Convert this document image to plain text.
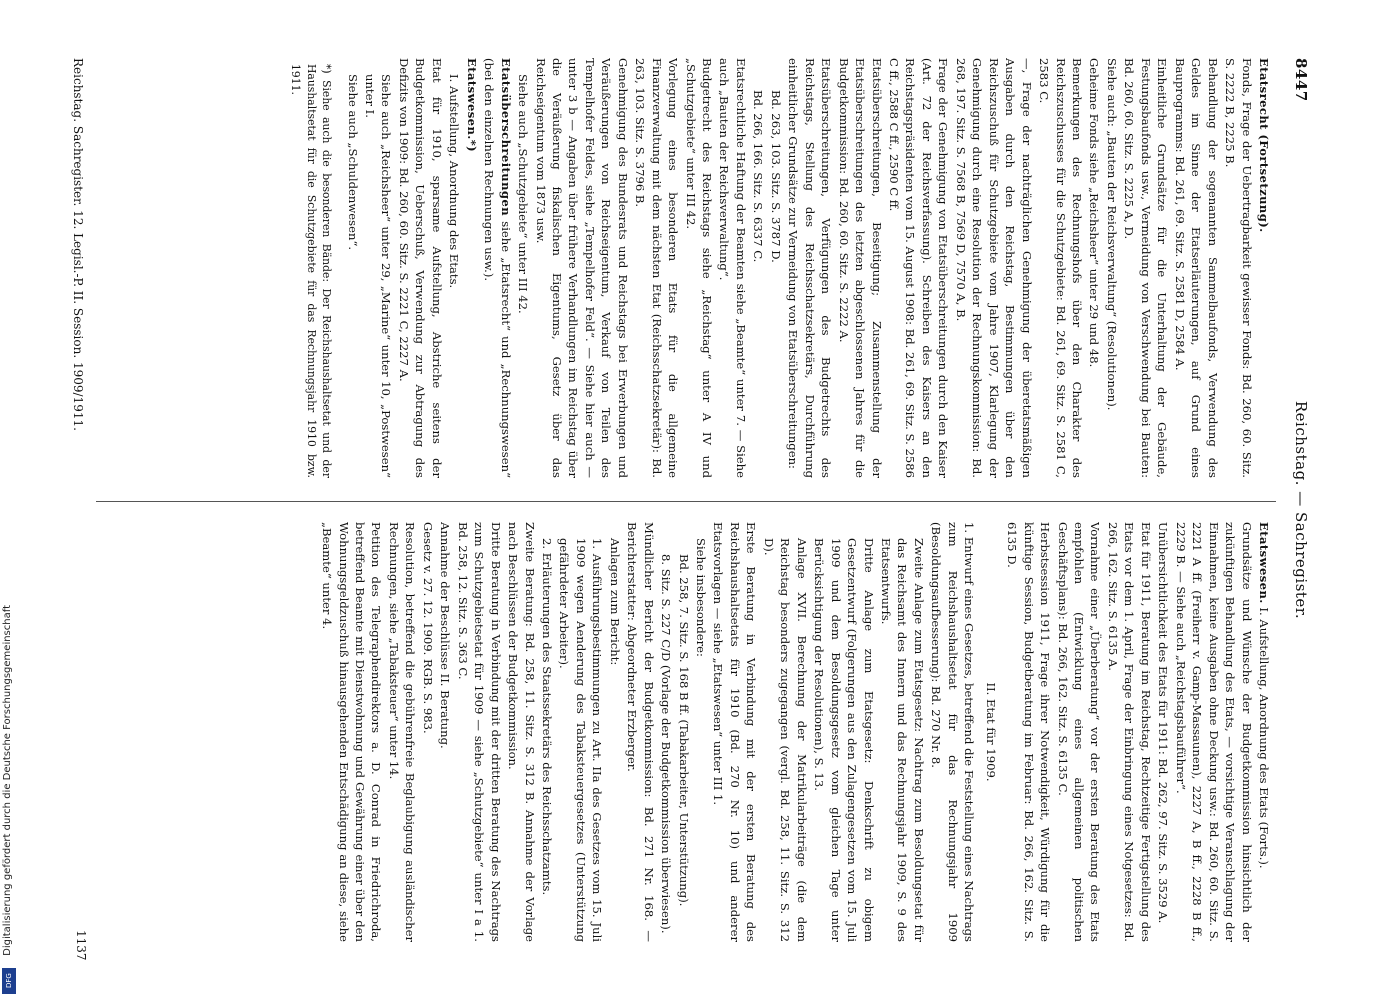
8447
Reichstag. — Sachregister.
Etatsrecht (Fortsetzung).
Fonds, Frage der Uebertragbarkeit gewisser Fonds: Bd. 260, 60. Sitz. S. 2222 B, 2225 B.
Behandlung der sogenannten Sammelbaufonds, Verwendung des Geldes im Sinne der Etatserläuterungen, auf Grund eines Bauprogramms: Bd. 261, 69. Sitz. S. 2581 D, 2584 A.
Einheitliche Grundsätze für die Unterhaltung der Gebäude, Festungsbaufonds usw., Vermeidung von Verschwendung bei Bauten: Bd. 260, 60. Sitz. S. 2225 A, D.
Siehe auch: „Bauten der Reichsverwaltung“ (Resolutionen).
Geheime Fonds siehe „Reichsheer“ unter 29 und 48.
Bemerkungen des Rechnungshofs über den Charakter des Reichszuschusses für die Schutzgebiete: Bd. 261, 69. Sitz. S. 2581 C, 2583 C.
—, Frage der nachträglichen Genehmigung der überetatsmäßigen Ausgaben durch den Reichstag, Bestimmungen über den Reichszuschuß für Schutzgebiete vom Jahre 1907, Klarlegung der Genehmigung durch eine Resolution der Rechnungskommission: Bd. 268, 197. Sitz. S. 7568 B, 7569 D, 7570 A, B.
Frage der Genehmigung von Etatsüberschreitungen durch den Kaiser (Art. 72 der Reichsverfassung). Schreiben des Kaisers an den Reichstagspräsidenten vom 15. August 1908: Bd. 261, 69. Sitz. S. 2586 C ff., 2588 C ff., 2590 C ff.
Etatsüberschreitungen, Beseitigung; Zusammenstellung der Etatsüberschreitungen des letzten abgeschlossenen Jahres für die Budgetkommission: Bd. 260, 60. Sitz. S. 2222 A.
Etatsüberschreitungen, Verfügungen des Budgetrechts des Reichstags, Stellung des Reichsschatzsekretärs, Durchführung einheitlicher Grundsätze zur Vermeidung von Etatsüberschreitungen:
Bd. 263, 103. Sitz. S. 3787 D.
Bd. 266, 166. Sitz. S. 6337 C.
Etatsrechtliche Haftung der Beamten siehe „Beamte“ unter 7. — Siehe auch „Bauten der Reichsverwaltung“.
Budgetrecht des Reichstags siehe „Reichstag“ unter A IV und „Schutzgebiete“ unter III 42.
Vorlegung eines besonderen Etats für die allgemeine Finanzverwaltung mit dem nächsten Etat (Reichsschatzsekretär): Bd. 263, 103. Sitz. S. 3796 B.
Genehmigung des Bundesrats und Reichstags bei Erwerbungen und Veräußerungen von Reichseigentum, Verkauf von Teilen des Tempelhofer Feldes, siehe „Tempelhofer Feld“. — Siehe hier auch — unter 3 b — Angaben über frühere Verhandlungen im Reichstag über die Veräußerung fiskalischen Eigentums, Gesetz über das Reichseigentum vom 1873 usw.
Siehe auch „Schutzgebiete“ unter III 42.
Etatsüberschreitungen siehe „Etatsrecht“ und „Rechnungswesen“ (bei den einzelnen Rechnungen usw.).
Etatswesen.*)
I. Aufstellung, Anordnung des Etats.
Etat für 1910, sparsame Aufstellung, Abstriche seitens der Budgetkommission, Ueberschuß, Verwendung zur Abtragung des Defizits von 1909: Bd. 260, 60. Sitz. S. 2221 C, 2227 A.
Siehe auch „Reichsheer“ unter 29, „Marine“ unter 10, „Postwesen“ unter I.
Siehe auch „Schuldenwesen“.
*) Siehe auch die besonderen Bände: Der Reichshaushaltsetat und der Haushaltsetat für die Schutzgebiete für das Rechnungsjahr 1910 bzw. 1911.
Etatswesen. I. Aufstellung, Anordnung des Etats (Forts.).
Grundsätze und Wünsche der Budgetkommission hinsichtlich der zukünftigen Behandlung des Etats, — vorsichtige Veranschlagung der Einnahmen, keine Ausgaben ohne Deckung usw.: Bd. 260, 60. Sitz. S. 2221 A ff. (Freiherr v. Gamp-Massaunen), 2227 A, B ff., 2228 B ff., 2229 B. — Siehe auch „Reichstagsbauführer“.
Unübersichtlichkeit des Etats für 1911: Bd. 262, 97. Sitz. S. 3529 A.
Etat für 1911, Beratung im Reichstag, Rechtzeitige Fertigstellung des Etats vor dem 1. April, Frage der Einbringung eines Notgesetzes: Bd. 266, 162. Sitz. S. 6135 A.
Vornahme einer „Überberatung“ vor der ersten Beratung des Etats empfohlen (Entwicklung eines allgemeinen politischen Geschäftsplans): Bd. 266, 162. Sitz. S. 6135 C.
Herbstsession 1911, Frage ihrer Notwendigkeit, Würdigung für die künftige Session, Budgetberatung im Februar: Bd. 266, 162. Sitz. S. 6135 D.
II. Etat für 1909.
1. Entwurf eines Gesetzes, betreffend die Feststellung eines Nachtrags zum Reichshaushaltsetat für das Rechnungsjahr 1909 (Besoldungsaufbesserung): Bd. 270 Nr. 8.
Zweite Anlage zum Etatsgesetz: Nachtrag zum Besoldungsetat für das Reichsamt des Innern und das Rechnungsjahr 1909, S. 9 des Etatsentwurfs.
Dritte Anlage zum Etatsgesetz: Denkschrift zu obigem Gesetzentwurf (Folgerungen aus den Zulagengesetzen vom 15. Juli 1909 und dem Besoldungsgesetz vom gleichen Tage unter Berücksichtigung der Resolutionen), S. 13.
Anlage XVII. Berechnung der Matrikularbeiträge (die dem Reichstag besonders zugegangen (vergl. Bd. 258, 11. Sitz. S. 312 D).
Erste Beratung in Verbindung mit der ersten Beratung des Reichshaushaltsetats für 1910 (Bd. 270 Nr. 10) und anderer Etatsvorlagen — siehe „Etatswesen“ unter III 1.
Siehe insbesondere:
Bd. 258, 7. Sitz. S. 168 B ff. (Tabakarbeiter, Unterstützung).
8. Sitz. S. 227 C/D (Vorlage der Budgetkommission überwiesen).
Mündlicher Bericht der Budgetkommission: Bd. 271 Nr. 168. — Berichterstatter: Abgeordneter Erzberger.
Anlagen zum Bericht:
1. Ausführungsbestimmungen zu Art. IIa des Gesetzes vom 15. Juli 1909 wegen Aenderung des Tabaksteuergesetzes (Unterstützung gefährdeter Arbeiter).
2. Erläuterungen des Staatssekretärs des Reichsschatzamts.
Zweite Beratung: Bd. 258, 11. Sitz. S. 312 B. Annahme der Vorlage nach Beschlüssen der Budgetkommission.
Dritte Beratung in Verbindung mit der dritten Beratung des Nachtrags zum Schutzgebietsetat für 1909 — siehe „Schutzgebiete“ unter I a 1. Bd. 258, 12. Sitz. S. 363 C.
Annahme der Beschlüsse II. Beratung.
Gesetz v. 27. 12. 1909. RGB. S. 983.
Resolution, betreffend die gebührenfreie Beglaubigung ausländischer Rechnungen, siehe „Tabaksteuer“ unter 14.
Petition des Telegraphendirektors a. D. Conrad in Friedrichroda, betreffend Beamte mit Dienstwohnung und Gewährung einer über den Wohnungsgeldzuschuß hinausgehenden Entschädigung an diese, siehe „Beamte“ unter 4.
Reichstag. Sachregister. 12. Legisl.-P. II. Session. 1909/1911.
1137
Digitalisierung gefördert durch die Deutsche Forschungsgemeinschaft
DFG
